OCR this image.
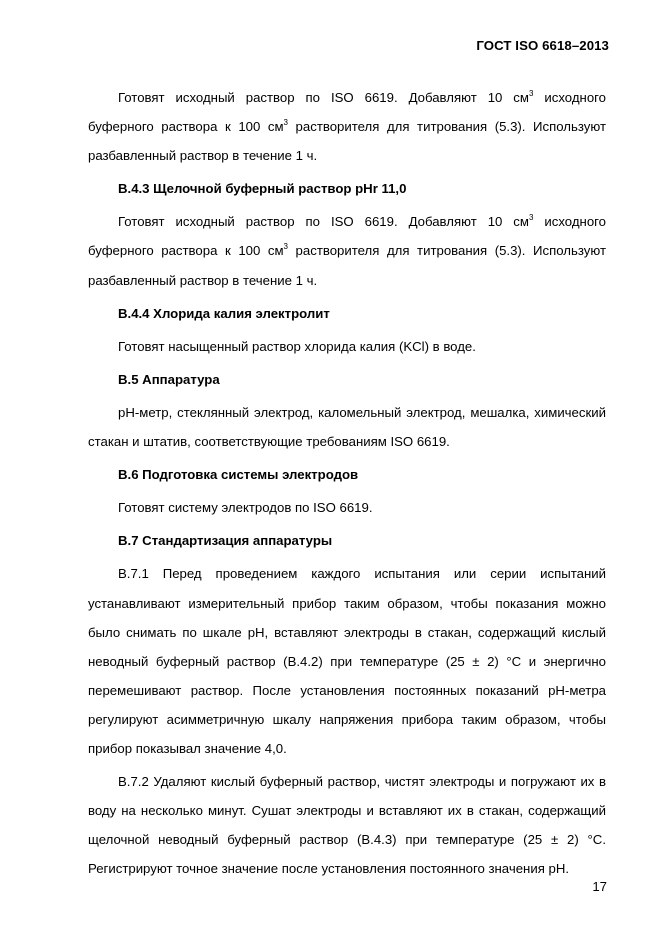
ГОСТ ISO 6618–2013

Готовят исходный раствор по ISO 6619. Добавляют 10 $см^3$ исходного буферного раствора к 100 $см^3$ растворителя для титрования (5.3). Используют разбавленный раствор в течение 1 ч.

В.4.3 Щелочной буферный раствор рНr 11,0

Готовят исходный раствор по ISO 6619. Добавляют 10 $см^3$ исходного буферного раствора к 100 $см^3$ растворителя для титрования (5.3). Используют разбавленный раствор в течение 1 ч.

В.4.4 Хлорида калия электролит

Готовят насыщенный раствор хлорида калия (KCl) в воде.

В.5 Аппаратура

рН-метр, стеклянный электрод, каломельный электрод, мешалка, химический стакан и штатив, соответствующие требованиям ISO 6619.

В.6 Подготовка системы электродов

Готовят систему электродов по ISO 6619.

В.7 Стандартизация аппаратуры

В.7.1 Перед проведением каждого испытания или серии испытаний устанавливают измерительный прибор таким образом, чтобы показания можно было снимать по шкале рН, вставляют электроды в стакан, содержащий кислый неводный буферный раствор (В.4.2) при температуре (25 ± 2) °С и энергично перемешивают раствор. После установления постоянных показаний рН-метра регулируют асимметричную шкалу напряжения прибора таким образом, чтобы прибор показывал значение 4,0.

В.7.2 Удаляют кислый буферный раствор, чистят электроды и погружают их в воду на несколько минут. Сушат электроды и вставляют их в стакан, содержащий щелочной неводный буферный раствор (В.4.3) при температуре (25 ± 2) °С. Регистрируют точное значение после установления постоянного значения рН.

17
